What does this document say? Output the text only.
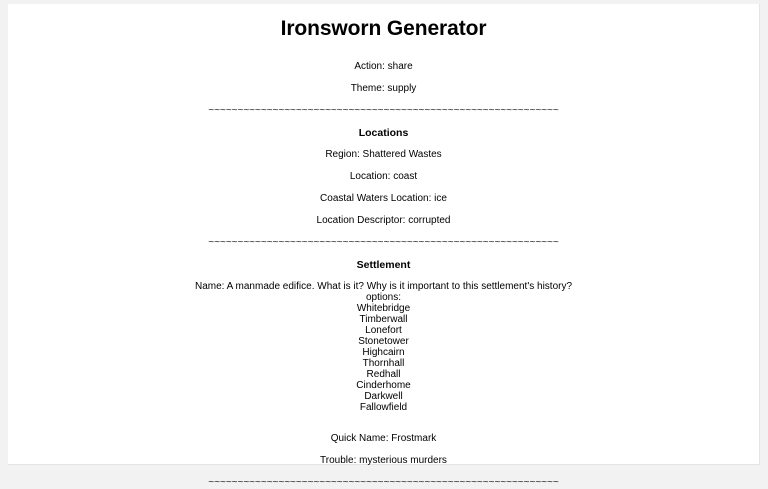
Ironsworn Generator

Action: share

Theme: supply

~~~~~~~~~~~~~~~~~~~~~~~~~~~~~~~~~~~~~~~~~~~~~~~~~~~~~~~~~~~~

Locations

Region: Shattered Wastes

Location: coast

Coastal Waters Location: ice

Location Descriptor: corrupted

~~~~~~~~~~~~~~~~~~~~~~~~~~~~~~~~~~~~~~~~~~~~~~~~~~~~~~~~~~~~

Settlement

Name: A manmade edifice. What is it? Why is it important to this settlement's history?

options:

Whitebridge

Timberwall

Lonefort

Stonetower

Highcairn

Thornhall

Redhall

Cinderhome

Darkwell

Fallowfield

Quick Name: Frostmark

Trouble: mysterious murders

~~~~~~~~~~~~~~~~~~~~~~~~~~~~~~~~~~~~~~~~~~~~~~~~~~~~~~~~~~~~
